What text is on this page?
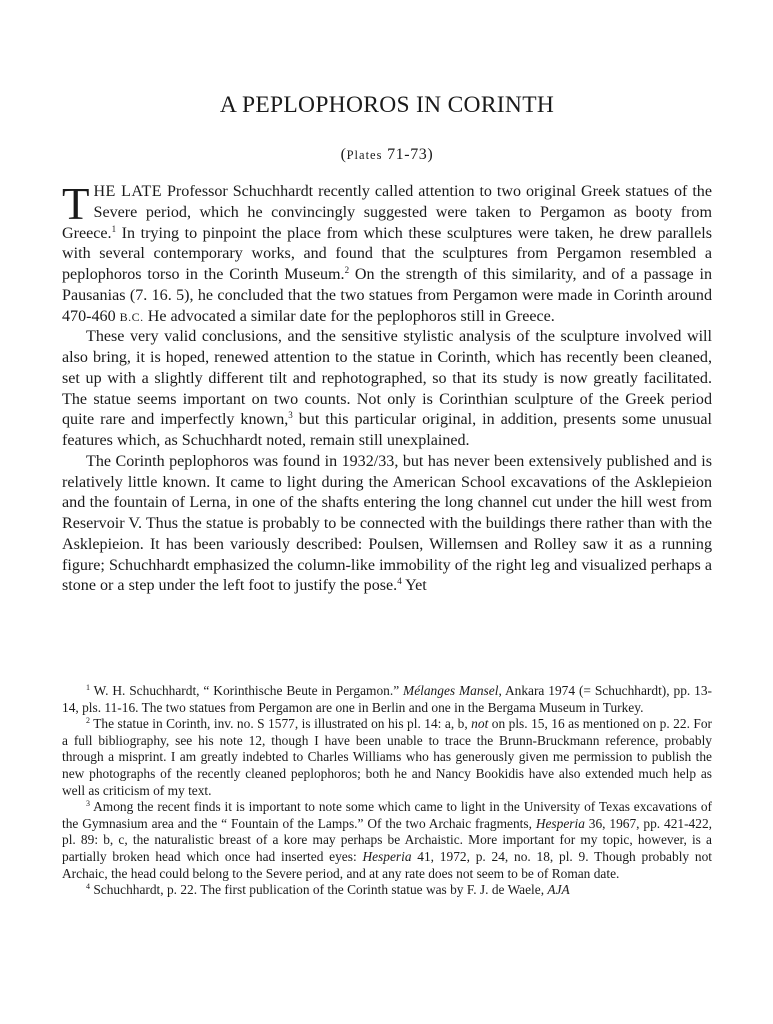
A PEPLOPHOROS IN CORINTH
(Plates 71-73)

THE LATE Professor Schuchhardt recently called attention to two original Greek statues of the Severe period, which he convincingly suggested were taken to Pergamon as booty from Greece.$^1$ In trying to pinpoint the place from which these sculptures were taken, he drew parallels with several contemporary works, and found that the sculptures from Pergamon resembled a peplophoros torso in the Corinth Museum.$^2$ On the strength of this similarity, and of a passage in Pausanias (7. 16. 5), he concluded that the two statues from Pergamon were made in Corinth around 470-460 B.C. He advocated a similar date for the peplophoros still in Greece.

These very valid conclusions, and the sensitive stylistic analysis of the sculpture involved will also bring, it is hoped, renewed attention to the statue in Corinth, which has recently been cleaned, set up with a slightly different tilt and rephotographed, so that its study is now greatly facilitated. The statue seems important on two counts. Not only is Corinthian sculpture of the Greek period quite rare and imperfectly known,$^3$ but this particular original, in addition, presents some unusual features which, as Schuchhardt noted, remain still unexplained.

The Corinth peplophoros was found in 1932/33, but has never been extensively published and is relatively little known. It came to light during the American School excavations of the Asklepieion and the fountain of Lerna, in one of the shafts entering the long channel cut under the hill west from Reservoir V. Thus the statue is probably to be connected with the buildings there rather than with the Asklepieion. It has been variously described: Poulsen, Willemsen and Rolley saw it as a running figure; Schuchhardt emphasized the column-like immobility of the right leg and visualized perhaps a stone or a step under the left foot to justify the pose.$^4$ Yet

$^1$ W. H. Schuchhardt, “ Korinthische Beute in Pergamon.” Mélanges Mansel, Ankara 1974 (= Schuchhardt), pp. 13-14, pls. 11-16. The two statues from Pergamon are one in Berlin and one in the Bergama Museum in Turkey.

$^2$ The statue in Corinth, inv. no. S 1577, is illustrated on his pl. 14: a, b, not on pls. 15, 16 as mentioned on p. 22. For a full bibliography, see his note 12, though I have been unable to trace the Brunn-Bruckmann reference, probably through a misprint. I am greatly indebted to Charles Williams who has generously given me permission to publish the new photographs of the recently cleaned peplophoros; both he and Nancy Bookidis have also extended much help as well as criticism of my text.

$^3$ Among the recent finds it is important to note some which came to light in the University of Texas excavations of the Gymnasium area and the “ Fountain of the Lamps.” Of the two Archaic fragments, Hesperia 36, 1967, pp. 421-422, pl. 89: b, c, the naturalistic breast of a kore may perhaps be Archaistic. More important for my topic, however, is a partially broken head which once had inserted eyes: Hesperia 41, 1972, p. 24, no. 18, pl. 9. Though probably not Archaic, the head could belong to the Severe period, and at any rate does not seem to be of Roman date.

$^4$ Schuchhardt, p. 22. The first publication of the Corinth statue was by F. J. de Waele, AJA
